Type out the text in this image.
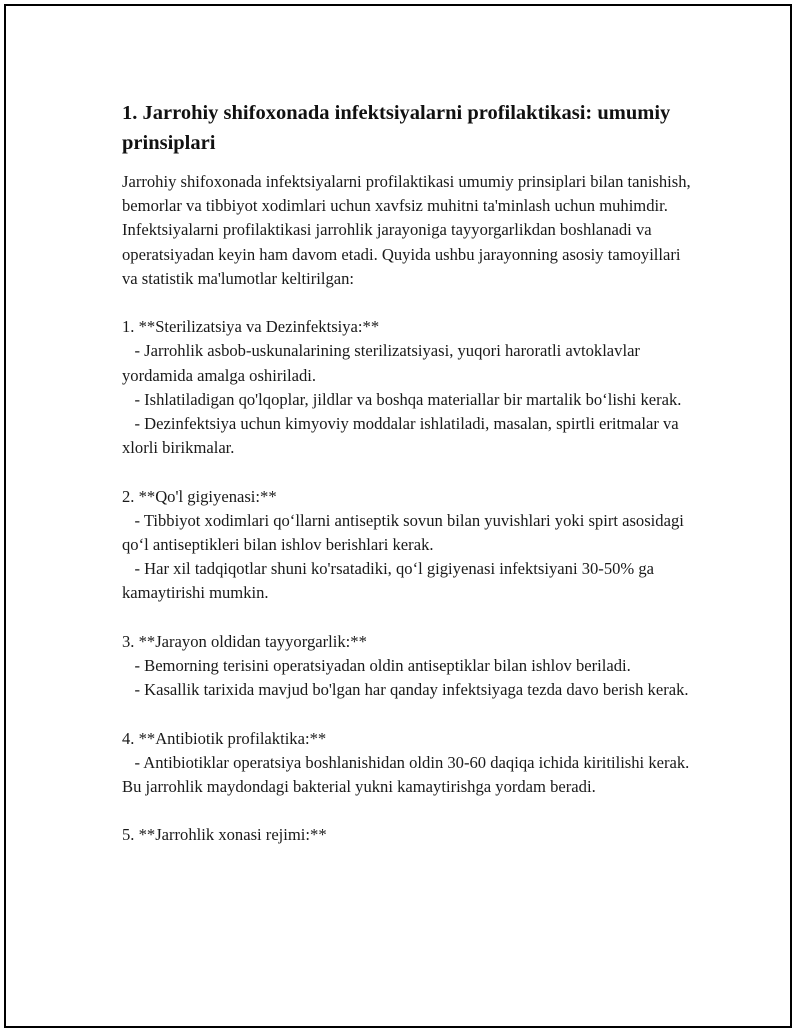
1. Jarrohiy shifoxonada infektsiyalarni profilaktikasi: umumiy prinsiplari

Jarrohiy shifoxonada infektsiyalarni profilaktikasi umumiy prinsiplari bilan tanishish, bemorlar va tibbiyot xodimlari uchun xavfsiz muhitni ta'minlash uchun muhimdir. Infektsiyalarni profilaktikasi jarrohlik jarayoniga tayyorgarlikdan boshlanadi va operatsiyadan keyin ham davom etadi. Quyida ushbu jarayonning asosiy tamoyillari va statistik ma'lumotlar keltirilgan:

1. **Sterilizatsiya va Dezinfektsiya:**

- Jarrohlik asbob-uskunalarining sterilizatsiyasi, yuqori haroratli avtoklavlar yordamida amalga oshiriladi.

- Ishlatiladigan qo'lqoplar, jildlar va boshqa materiallar bir martalik bo‘lishi kerak.

- Dezinfektsiya uchun kimyoviy moddalar ishlatiladi, masalan, spirtli eritmalar va xlorli birikmalar.

2. **Qo'l gigiyenasi:**

- Tibbiyot xodimlari qo‘llarni antiseptik sovun bilan yuvishlari yoki spirt asosidagi qo‘l antiseptikleri bilan ishlov berishlari kerak.

- Har xil tadqiqotlar shuni ko'rsatadiki, qo‘l gigiyenasi infektsiyani 30-50% ga kamaytirishi mumkin.

3. **Jarayon oldidan tayyorgarlik:**

- Bemorning terisini operatsiyadan oldin antiseptiklar bilan ishlov beriladi.

- Kasallik tarixida mavjud bo'lgan har qanday infektsiyaga tezda davo berish kerak.

4. **Antibiotik profilaktika:**

- Antibiotiklar operatsiya boshlanishidan oldin 30-60 daqiqa ichida kiritilishi kerak. Bu jarrohlik maydondagi bakterial yukni kamaytirishga yordam beradi.

5. **Jarrohlik xonasi rejimi:**
